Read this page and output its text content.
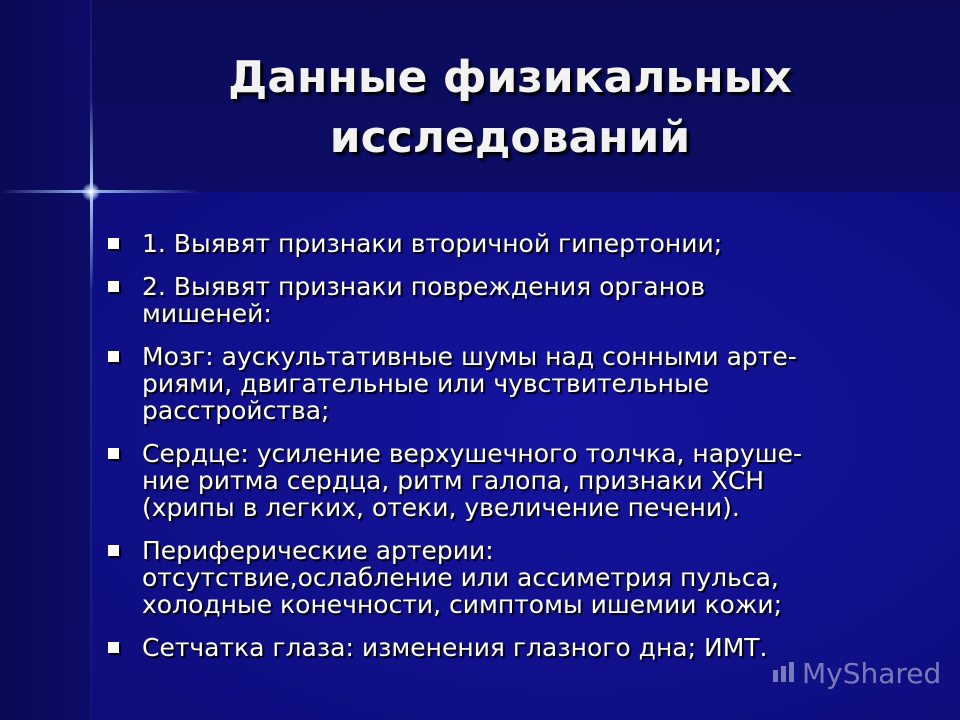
Данные физикальных
исследований
1. Выявят признаки вторичной гипертонии;
2. Выявят признаки повреждения органов
мишеней:
Мозг: аускультативные шумы над сонными арте-
риями, двигательные или чувствительные
расстройства;
Сердце: усиление верхушечного толчка, наруше-
ние ритма сердца, ритм галопа, признаки ХСН
(хрипы в легких, отеки, увеличение печени).
Периферические артерии:
отсутствие,ослабление или ассиметрия пульса,
холодные конечности, симптомы ишемии кожи;
Сетчатка глаза: изменения глазного дна; ИМТ.
MyShared
